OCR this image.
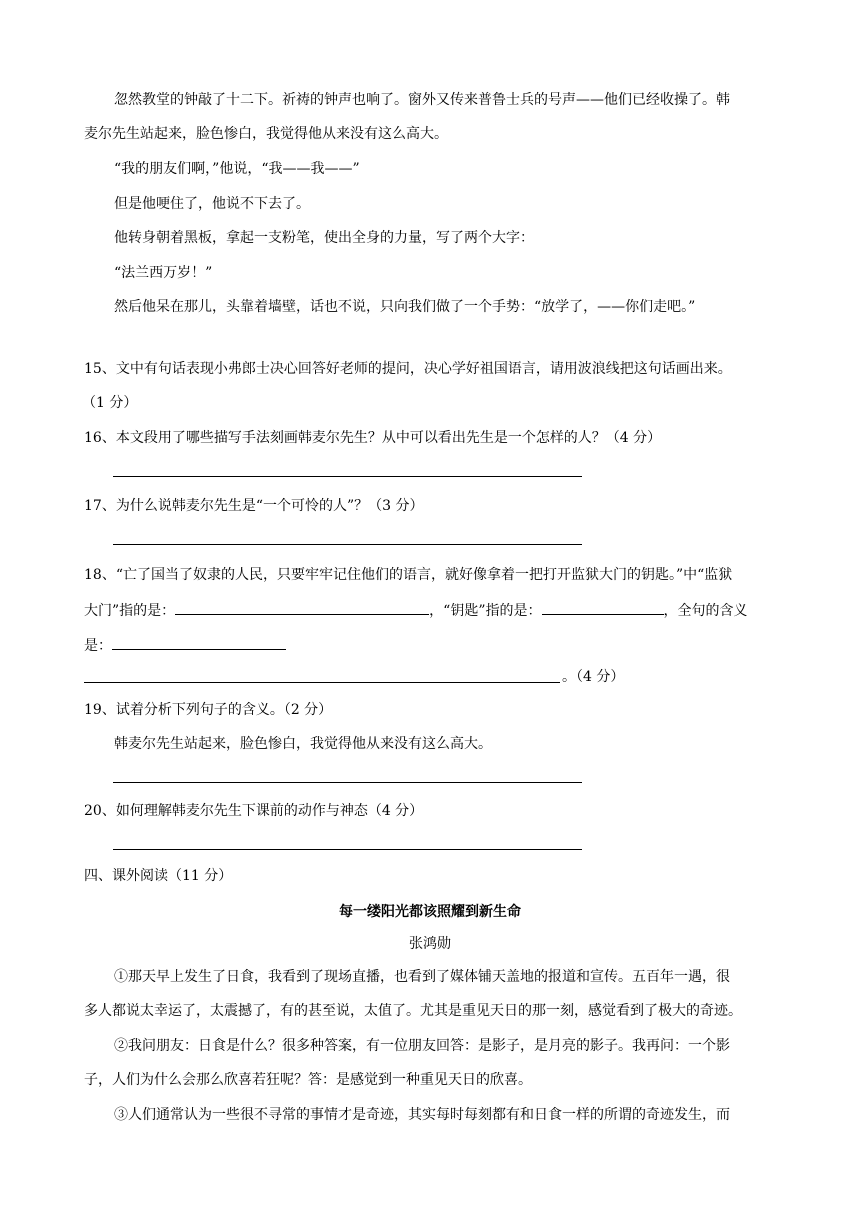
忽然教堂的钟敲了十二下。祈祷的钟声也响了。窗外又传来普鲁士兵的号声——他们已经收操了。韩
麦尔先生站起来，脸色惨白，我觉得他从来没有这么高大。
“我的朋友们啊，”他说，“我——我——”
但是他哽住了，他说不下去了。
他转身朝着黑板，拿起一支粉笔，使出全身的力量，写了两个大字：
“法兰西万岁！”
然后他呆在那儿，头靠着墙壁，话也不说，只向我们做了一个手势：“放学了，——你们走吧。”
15、文中有句话表现小弗郎士决心回答好老师的提问，决心学好祖国语言，请用波浪线把这句话画出来。
（1 分）
16、本文段用了哪些描写手法刻画韩麦尔先生？从中可以看出先生是一个怎样的人？（4 分）
17、为什么说韩麦尔先生是“一个可怜的人”？（3 分）
18、“亡了国当了奴隶的人民，只要牢牢记住他们的语言，就好像拿着一把打开监狱大门的钥匙。”中“监狱
大门”指的是：	，“钥匙”指的是：	，全句的含义
是：
。（4 分）
19、试着分析下列句子的含义。（2 分）
韩麦尔先生站起来，脸色惨白，我觉得他从来没有这么高大。
20、如何理解韩麦尔先生下课前的动作与神态（4 分）
四、课外阅读（11 分）
每一缕阳光都该照耀到新生命
张鸿勋
①那天早上发生了日食，我看到了现场直播，也看到了媒体铺天盖地的报道和宣传。五百年一遇，很
多人都说太幸运了，太震撼了，有的甚至说，太值了。尤其是重见天日的那一刻，感觉看到了极大的奇迹。
②我问朋友：日食是什么？很多种答案，有一位朋友回答：是影子，是月亮的影子。我再问：一个影
子，人们为什么会那么欣喜若狂呢？答：是感觉到一种重见天日的欣喜。
③人们通常认为一些很不寻常的事情才是奇迹，其实每时每刻都有和日食一样的所谓的奇迹发生，而
